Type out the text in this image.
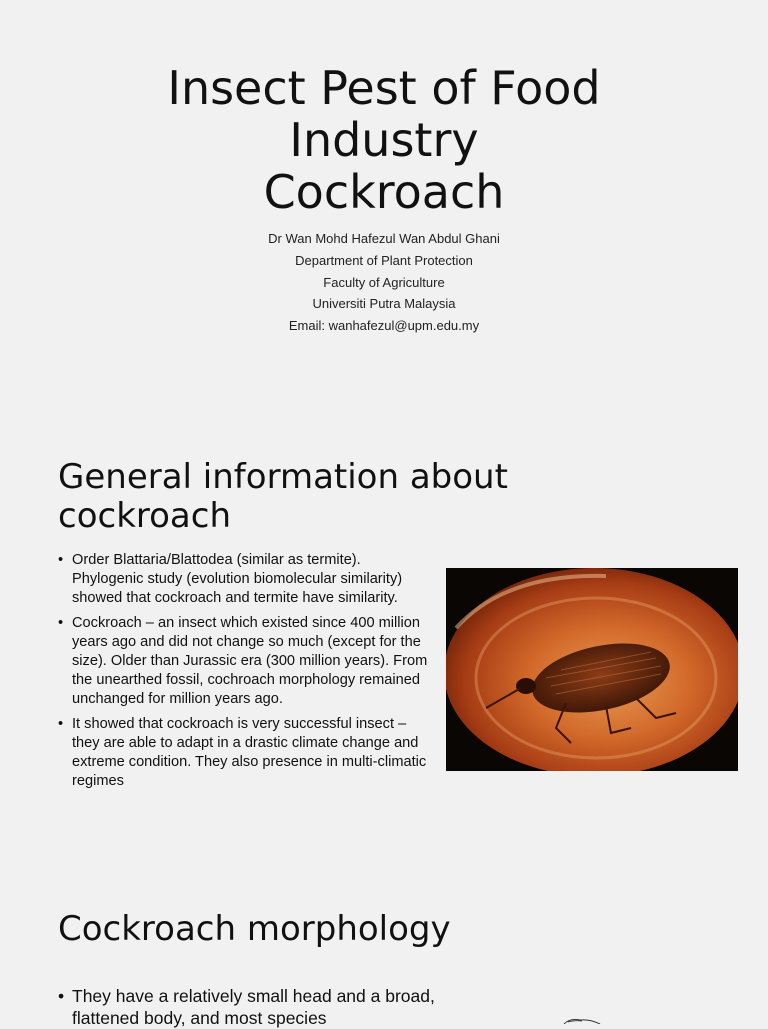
Insect Pest of Food
Industry
Cockroach
Dr Wan Mohd Hafezul Wan Abdul Ghani
Department of Plant Protection
Faculty of Agriculture
Universiti Putra Malaysia
Email: wanhafezul@upm.edu.my
General information about cockroach
• Order Blattaria/Blattodea (similar as termite). Phylogenic study (evolution biomolecular similarity) showed that cockroach and termite have similarity.
• Cockroach – an insect which existed since 400 million years ago and did not change so much (except for the size). Older than Jurassic era (300 million years). From the unearthed fossil, cochroach morphology remained unchanged for million years ago.
• It showed that cockroach is very successful insect – they are able to adapt in a drastic climate change and extreme condition. They also presence in multi-climatic regimes
Cockroach morphology
• They have a relatively small head and a broad, flattened body, and most species
